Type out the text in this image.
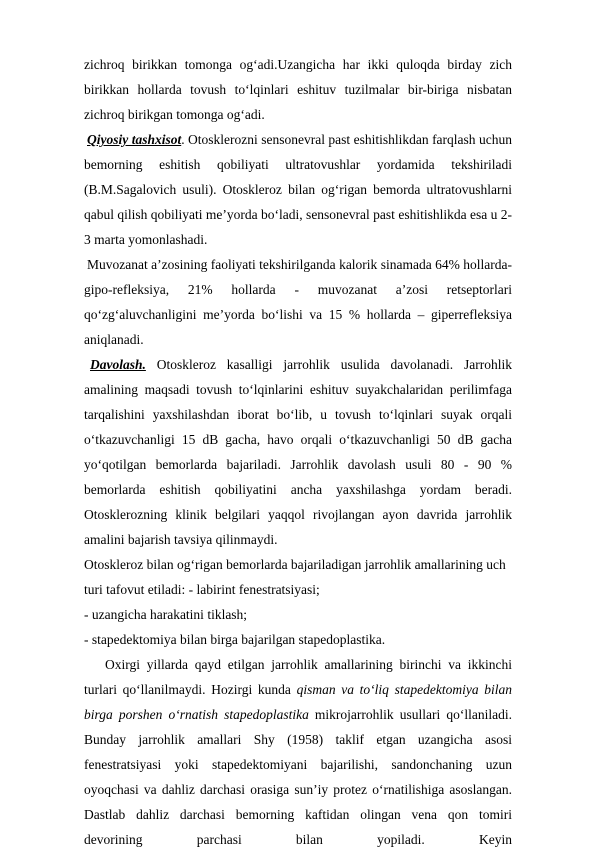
zichroq birikkan tomonga og‘adi.Uzangicha har ikki quloqda birday zich birikkan hollarda tovush to‘lqinlari eshituv tuzilmalar bir-biriga nisbatan zichroq birikgan tomonga og‘adi.

Qiyosiy tashxisot. Otosklerozni sensonevral past eshitishlikdan farqlash uchun bemorning eshitish qobiliyati ultratovushlar yordamida tekshiriladi (B.M.Sagalovich usuli). Otoskleroz bilan og‘rigan bemorda ultratovushlarni qabul qilish qobiliyati me’yorda bo‘ladi, sensonevral past eshitishlikda esa u 2-3 marta yomonlashadi.

Muvozanat a’zosining faoliyati tekshirilganda kalorik sinamada 64% hollarda-gipo-refleksiya, 21% hollarda - muvozanat a’zosi retseptorlari qo‘zg‘aluvchanligini me’yorda bo‘lishi va 15 % hollarda – giperrefleksiya aniqlanadi.

Davolash. Otoskleroz kasalligi jarrohlik usulida davolanadi. Jarrohlik amalining maqsadi tovush to‘lqinlarini eshituv suyakchalaridan perilimfaga tarqalishini yaxshilashdan iborat bo‘lib, u tovush to‘lqinlari suyak orqali o‘tkazuvchanligi 15 dB gacha, havo orqali o‘tkazuvchanligi 50 dB gacha yo‘qotilgan bemorlarda bajariladi. Jarrohlik davolash usuli 80 - 90 % bemorlarda eshitish qobiliyatini ancha yaxshilashga yordam beradi. Otosklerozning klinik belgilari yaqqol rivojlangan ayon davrida jarrohlik amalini bajarish tavsiya qilinmaydi.

Otoskleroz bilan og‘rigan bemorlarda bajariladigan jarrohlik amallarining uch turi tafovut etiladi: - labirint fenestratsiyasi;

- uzangicha harakatini tiklash;

- stapedektomiya bilan birga bajarilgan stapedoplastika.

Oxirgi yillarda qayd etilgan jarrohlik amallarining birinchi va ikkinchi turlari qo‘llanilmaydi. Hozirgi kunda qisman va to‘liq stapedektomiya bilan birga porshen o‘rnatish stapedoplastika mikrojarrohlik usullari qo‘llaniladi. Bunday jarrohlik amallari Shy (1958) taklif etgan uzangicha asosi fenestratsiyasi yoki stapedektomiyani bajarilishi, sandonchaning uzun oyoqchasi va dahliz darchasi orasiga sun’iy protez o‘rnatilishiga asoslangan. Dastlab dahliz darchasi bemorning kaftidan olingan vena qon tomiri devorining parchasi bilan yopiladi. Keyin
